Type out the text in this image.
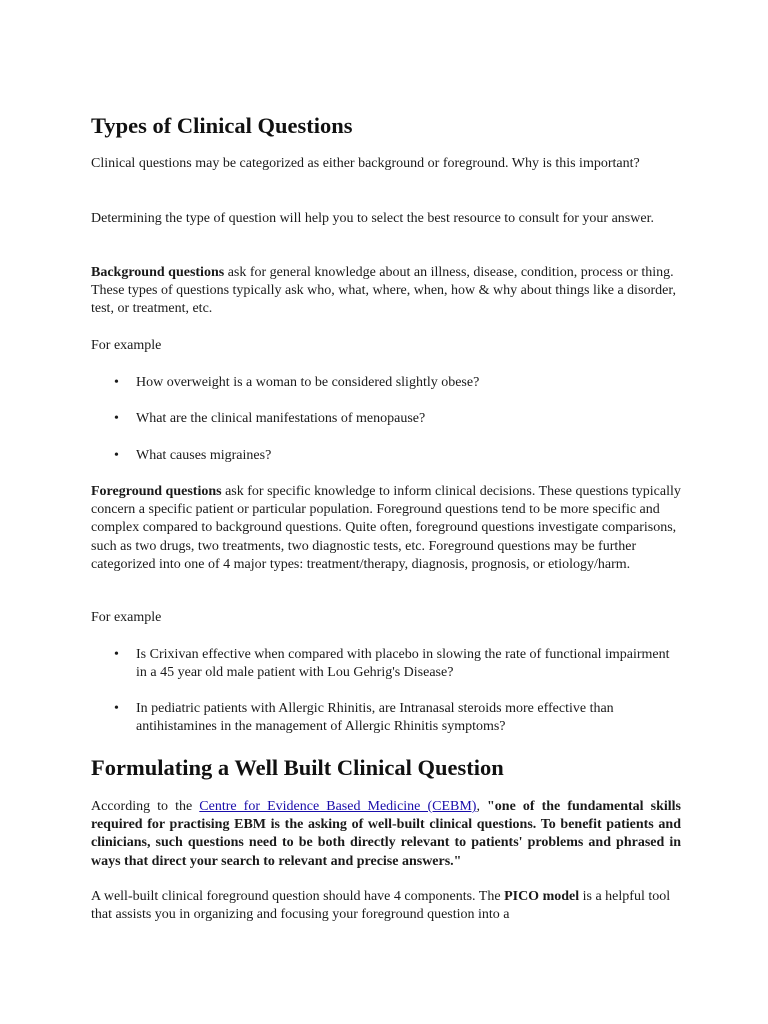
Types of Clinical Questions

Clinical questions may be categorized as either background or foreground. Why is this important?

Determining the type of question will help you to select the best resource to consult for your answer.

Background questions ask for general knowledge about an illness, disease, condition, process or thing. These types of questions typically ask who, what, where, when, how & why about things like a disorder, test, or treatment, etc.

For example

• How overweight is a woman to be considered slightly obese?
• What are the clinical manifestations of menopause?
• What causes migraines?

Foreground questions ask for specific knowledge to inform clinical decisions. These questions typically concern a specific patient or particular population. Foreground questions tend to be more specific and complex compared to background questions. Quite often, foreground questions investigate comparisons, such as two drugs, two treatments, two diagnostic tests, etc. Foreground questions may be further categorized into one of 4 major types: treatment/therapy, diagnosis, prognosis, or etiology/harm.

For example

• Is Crixivan effective when compared with placebo in slowing the rate of functional impairment in a 45 year old male patient with Lou Gehrig's Disease?
• In pediatric patients with Allergic Rhinitis, are Intranasal steroids more effective than antihistamines in the management of Allergic Rhinitis symptoms?
Formulating a Well Built Clinical Question

According to the Centre for Evidence Based Medicine (CEBM), "one of the fundamental skills required for practising EBM is the asking of well-built clinical questions. To benefit patients and clinicians, such questions need to be both directly relevant to patients' problems and phrased in ways that direct your search to relevant and precise answers."

A well-built clinical foreground question should have 4 components. The PICO model is a helpful tool that assists you in organizing and focusing your foreground question into a
